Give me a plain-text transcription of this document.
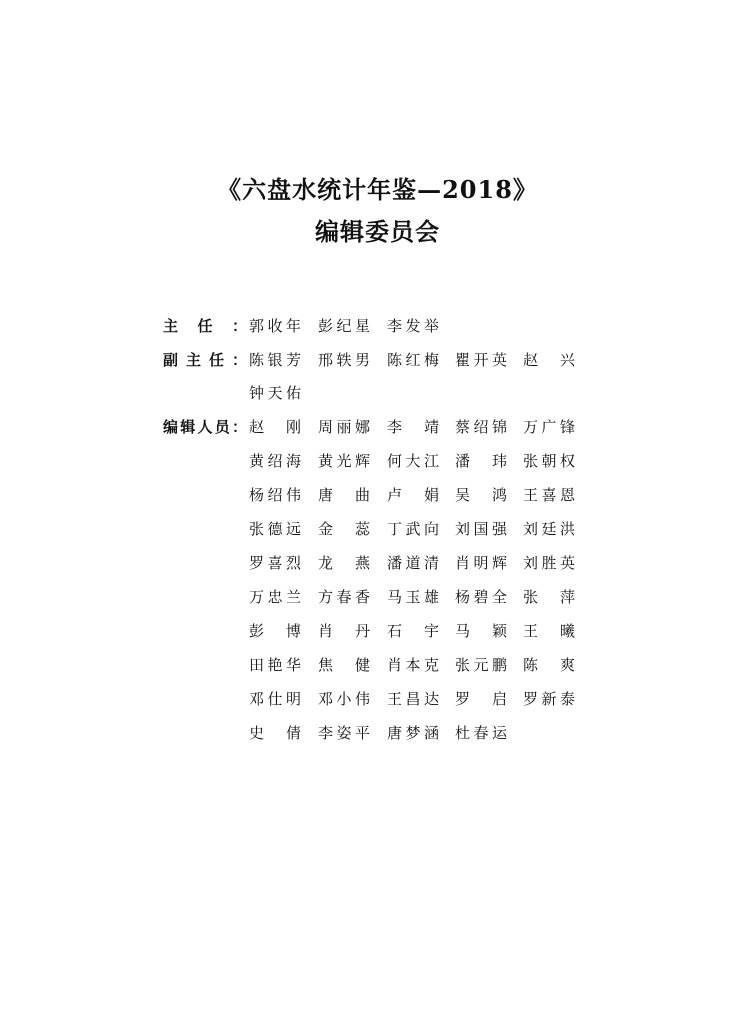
《六盘水统计年鉴—2018》
编辑委员会
主 任 ： 郭 收 年 彭 纪 星 李 发 举
副 主 任 ： 陈 银 芳 邢 轶 男 陈 红 梅 瞿 开 英 赵 兴
钟 天 佑
编 辑 人 员 ： 赵 刚 周 丽 娜 李 靖 蔡 绍 锦 万 广 锋
黄 绍 海 黄 光 辉 何 大 江 潘 玮 张 朝 权
杨 绍 伟 唐 曲 卢 娟 吴 鸿 王 喜 恩
张 德 远 金 蕊 丁 武 向 刘 国 强 刘 廷 洪
罗 喜 烈 龙 燕 潘 道 清 肖 明 辉 刘 胜 英
万 忠 兰 方 春 香 马 玉 雄 杨 碧 全 张 萍
彭 博 肖 丹 石 宇 马 颖 王 曦
田 艳 华 焦 健 肖 本 克 张 元 鹏 陈 爽
邓 仕 明 邓 小 伟 王 昌 达 罗 启 罗 新 泰
史 倩 李 姿 平 唐 梦 涵 杜 春 运
